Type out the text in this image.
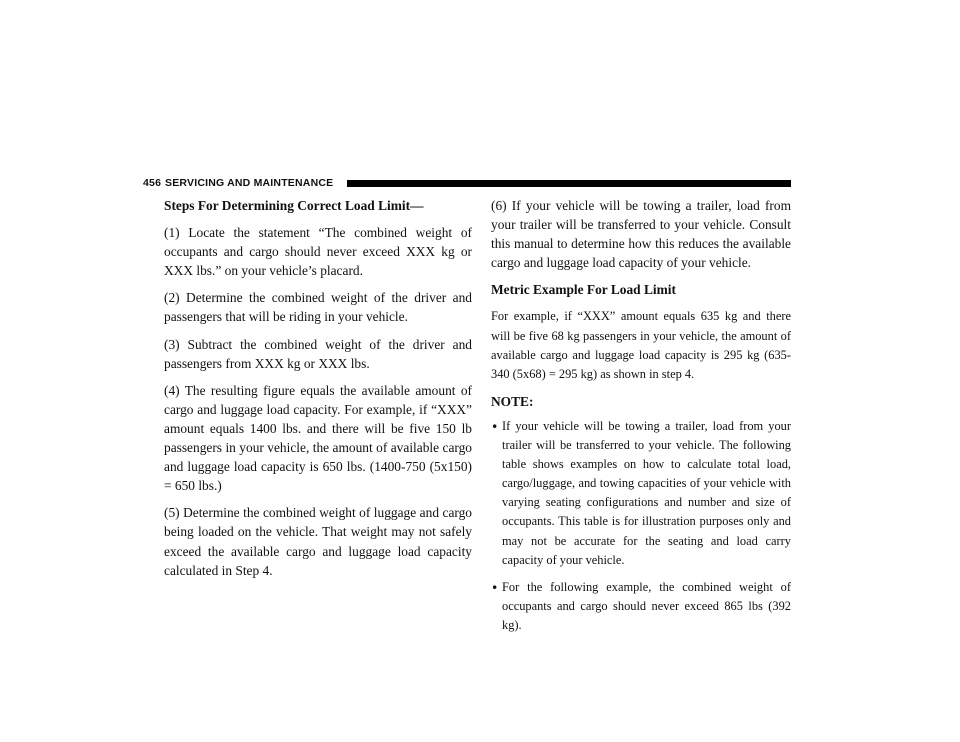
456 SERVICING AND MAINTENANCE

Steps For Determining Correct Load Limit—

(1) Locate the statement “The combined weight of occupants and cargo should never exceed XXX kg or XXX lbs.” on your vehicle’s placard.

(2) Determine the combined weight of the driver and passengers that will be riding in your vehicle.

(3) Subtract the combined weight of the driver and passengers from XXX kg or XXX lbs.

(4) The resulting figure equals the available amount of cargo and luggage load capacity. For example, if “XXX” amount equals 1400 lbs. and there will be five 150 lb passengers in your vehicle, the amount of available cargo and luggage load capacity is 650 lbs. (1400-750 (5x150) = 650 lbs.)

(5) Determine the combined weight of luggage and cargo being loaded on the vehicle. That weight may not safely exceed the available cargo and luggage load capacity calculated in Step 4.

(6) If your vehicle will be towing a trailer, load from your trailer will be transferred to your vehicle. Consult this manual to determine how this reduces the available cargo and luggage load capacity of your vehicle.

Metric Example For Load Limit

For example, if “XXX” amount equals 635 kg and there will be five 68 kg passengers in your vehicle, the amount of available cargo and luggage load capacity is 295 kg (635-340 (5x68) = 295 kg) as shown in step 4.

NOTE:

• If your vehicle will be towing a trailer, load from your trailer will be transferred to your vehicle. The following table shows examples on how to calculate total load, cargo/luggage, and towing capacities of your vehicle with varying seating configurations and number and size of occupants. This table is for illustration purposes only and may not be accurate for the seating and load carry capacity of your vehicle.
• For the following example, the combined weight of occupants and cargo should never exceed 865 lbs (392 kg).
